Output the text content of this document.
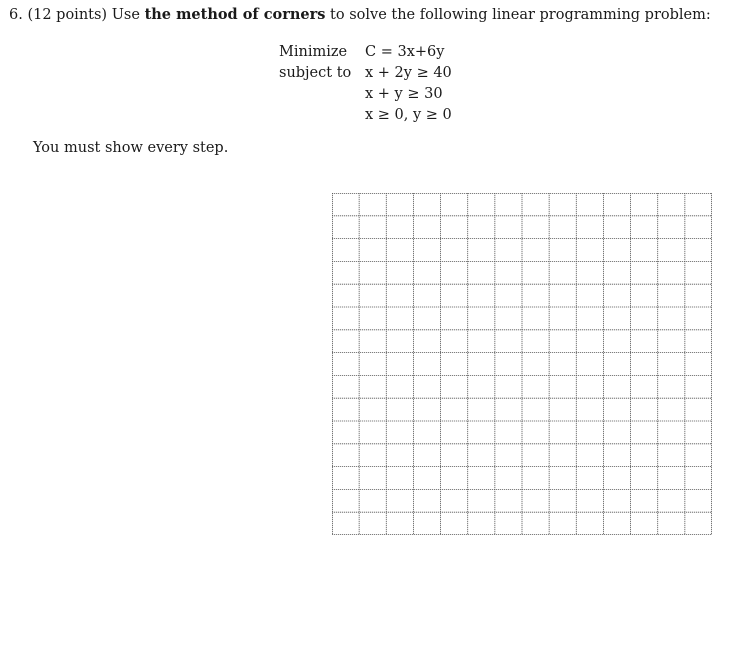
6. (12 points) Use the method of corners to solve the following linear programming problem:
Minimize C = 3x+6y
subject to x + 2y ≥ 40
x + y ≥ 30
x ≥ 0, y ≥ 0
You must show every step.
